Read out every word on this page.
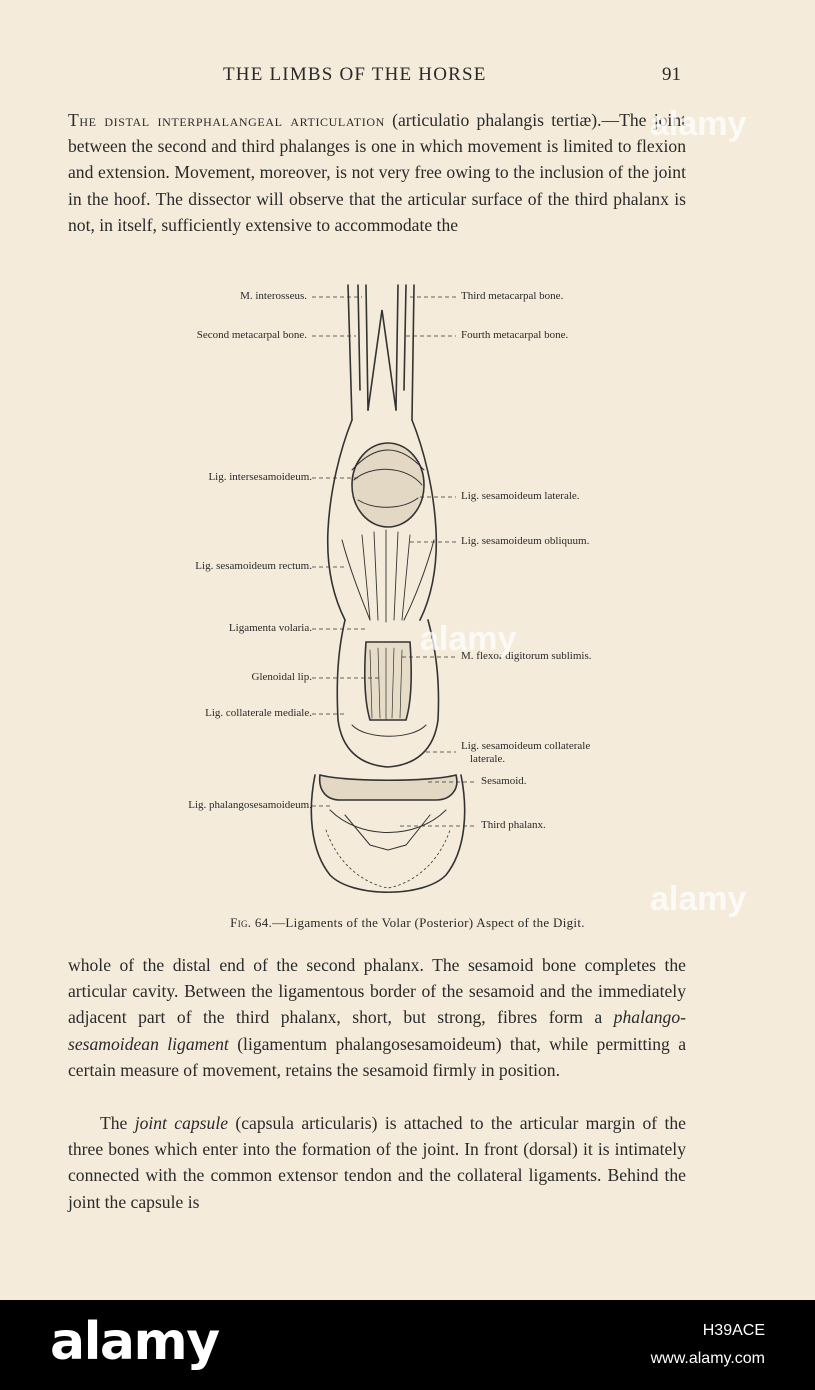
THE LIMBS OF THE HORSE	91
The distal interphalangeal articulation (articulatio phalangis tertiæ).—The joint between the second and third phalanges is one in which movement is limited to flexion and extension. Movement, moreover, is not very free owing to the inclusion of the joint in the hoof. The dissector will observe that the articular surface of the third phalanx is not, in itself, sufficiently extensive to accommodate the
M. interosseus.
Second metacarpal bone.
Lig. intersesamoideum.
Lig. sesamoideum rectum.
Ligamenta volaria.
Glenoidal lip.
Lig. collaterale mediale.
Lig. phalangosesamoideum.
Third metacarpal bone.
Fourth metacarpal bone.
Lig. sesamoideum laterale.
Lig. sesamoideum obliquum.
M. flexor digitorum sublimis.
Lig. sesamoideum collaterale
laterale.
Sesamoid.
Third phalanx.
Fig. 64.—Ligaments of the Volar (Posterior) Aspect of the Digit.
whole of the distal end of the second phalanx. The sesamoid bone completes the articular cavity. Between the ligamentous border of the sesamoid and the immediately adjacent part of the third phalanx, short, but strong, fibres form a phalango-sesamoidean ligament (ligamentum phalangosesamoideum) that, while permitting a certain measure of movement, retains the sesamoid firmly in position.
The joint capsule (capsula articularis) is attached to the articular margin of the three bones which enter into the formation of the joint. In front (dorsal) it is intimately connected with the common extensor tendon and the collateral ligaments. Behind the joint the capsule is
alamy
alamy
alamy
alamy	H39ACE
www.alamy.com
